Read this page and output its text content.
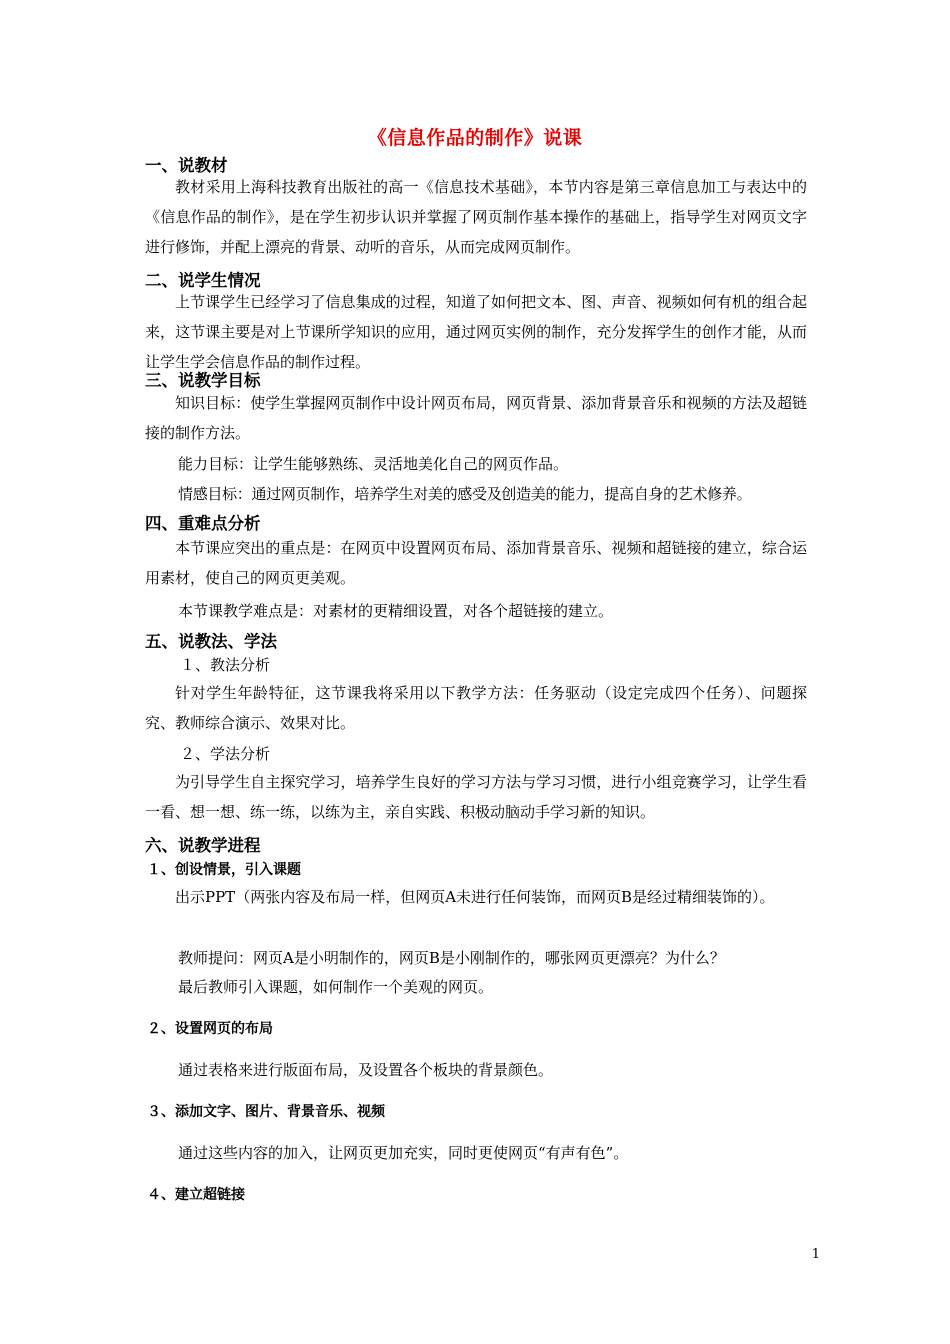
《信息作品的制作》说课
一、说教材
教材采用上海科技教育出版社的高一《信息技术基础》，本节内容是第三章信息加工与表达中的《信息作品的制作》，是在学生初步认识并掌握了网页制作基本操作的基础上，指导学生对网页文字进行修饰，并配上漂亮的背景、动听的音乐，从而完成网页制作。
二、说学生情况
上节课学生已经学习了信息集成的过程，知道了如何把文本、图、声音、视频如何有机的组合起来，这节课主要是对上节课所学知识的应用，通过网页实例的制作，充分发挥学生的创作才能，从而让学生学会信息作品的制作过程。
三、说教学目标
知识目标：使学生掌握网页制作中设计网页布局，网页背景、添加背景音乐和视频的方法及超链接的制作方法。
能力目标：让学生能够熟练、灵活地美化自己的网页作品。
情感目标：通过网页制作，培养学生对美的感受及创造美的能力，提高自身的艺术修养。
四、重难点分析
本节课应突出的重点是：在网页中设置网页布局、添加背景音乐、视频和超链接的建立，综合运用素材，使自己的网页更美观。
本节课教学难点是：对素材的更精细设置，对各个超链接的建立。
五、说教法、学法
１、教法分析
针对学生年龄特征，这节课我将采用以下教学方法：任务驱动（设定完成四个任务）、问题探究、教师综合演示、效果对比。
２、学法分析
为引导学生自主探究学习，培养学生良好的学习方法与学习习惯，进行小组竞赛学习，让学生看一看、想一想、练一练，以练为主，亲自实践、积极动脑动手学习新的知识。
六、说教学进程
１、创设情景，引入课题
出示PPT（两张内容及布局一样，但网页A未进行任何装饰，而网页B是经过精细装饰的）。
教师提问：网页A是小明制作的，网页B是小刚制作的，哪张网页更漂亮？为什么？
最后教师引入课题，如何制作一个美观的网页。
２、设置网页的布局
通过表格来进行版面布局，及设置各个板块的背景颜色。
３、添加文字、图片、背景音乐、视频
通过这些内容的加入，让网页更加充实，同时更使网页“有声有色”。
４、建立超链接
1
